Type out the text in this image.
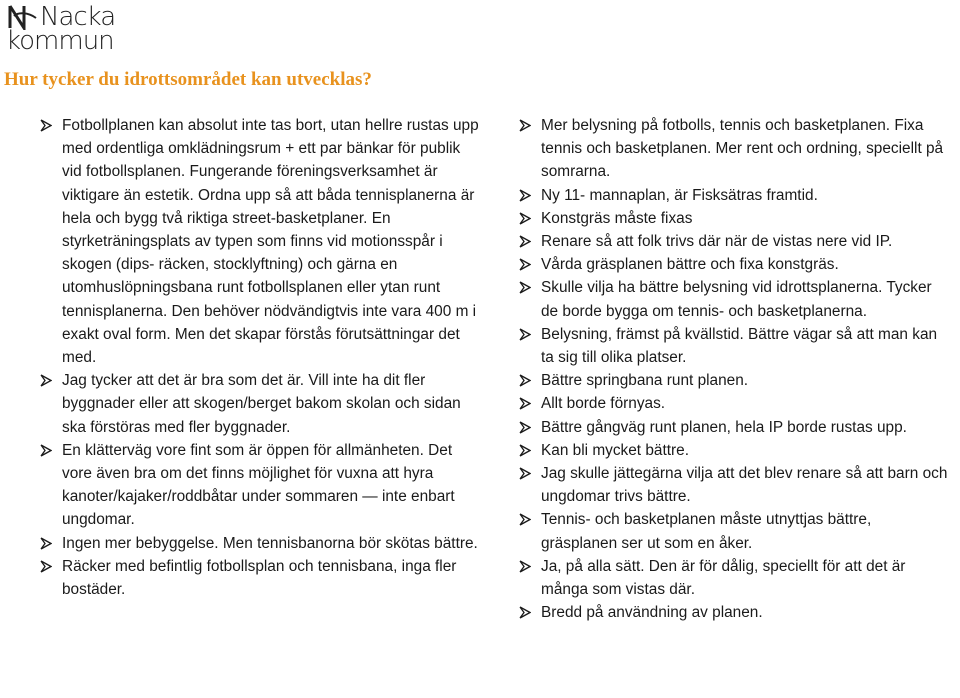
Nacka
kommun
Hur tycker du idrottsområdet kan utvecklas?
Fotbollplanen kan absolut inte tas bort, utan hellre rustas upp med ordentliga omklädningsrum + ett par bänkar för publik vid fotbollsplanen. Fungerande föreningsverksamhet är viktigare än estetik. Ordna upp så att båda tennisplanerna är hela och bygg två riktiga street-basketplaner. En styrketräningsplats av typen som finns vid motionsspår i skogen (dips- räcken, stocklyftning) och gärna en utomhuslöpningsbana runt fotbollsplanen eller ytan runt tennisplanerna. Den behöver nödvändigtvis inte vara 400 m i exakt oval form. Men det skapar förstås förutsättningar det med.
Jag tycker att det är bra som det är. Vill inte ha dit fler byggnader eller att skogen/berget bakom skolan och sidan ska förstöras med fler byggnader.
En klätterväg vore fint som är öppen för allmänheten. Det vore även bra om det finns möjlighet för vuxna att hyra kanoter/kajaker/roddbåtar under sommaren — inte enbart ungdomar.
Ingen mer bebyggelse. Men tennisbanorna bör skötas bättre.
Räcker med befintlig fotbollsplan och tennisbana, inga fler bostäder.
Mer belysning på fotbolls, tennis och basketplanen. Fixa tennis och basketplanen. Mer rent och ordning, speciellt på somrarna.
Ny 11- mannaplan, är Fisksätras framtid.
Konstgräs måste fixas
Renare så att folk trivs där när de vistas nere vid IP.
Vårda gräsplanen bättre och fixa konstgräs.
Skulle vilja ha bättre belysning vid idrottsplanerna. Tycker de borde bygga om tennis- och basketplanerna.
Belysning, främst på kvällstid. Bättre vägar så att man kan ta sig till olika platser.
Bättre springbana runt planen.
Allt borde förnyas.
Bättre gångväg runt planen, hela IP borde rustas upp.
Kan bli mycket bättre.
Jag skulle jättegärna vilja att det blev renare så att barn och ungdomar trivs bättre.
Tennis- och basketplanen måste utnyttjas bättre, gräsplanen ser ut som en åker.
Ja, på alla sätt. Den är för dålig, speciellt för att det är många som vistas där.
Bredd på användning av planen.
